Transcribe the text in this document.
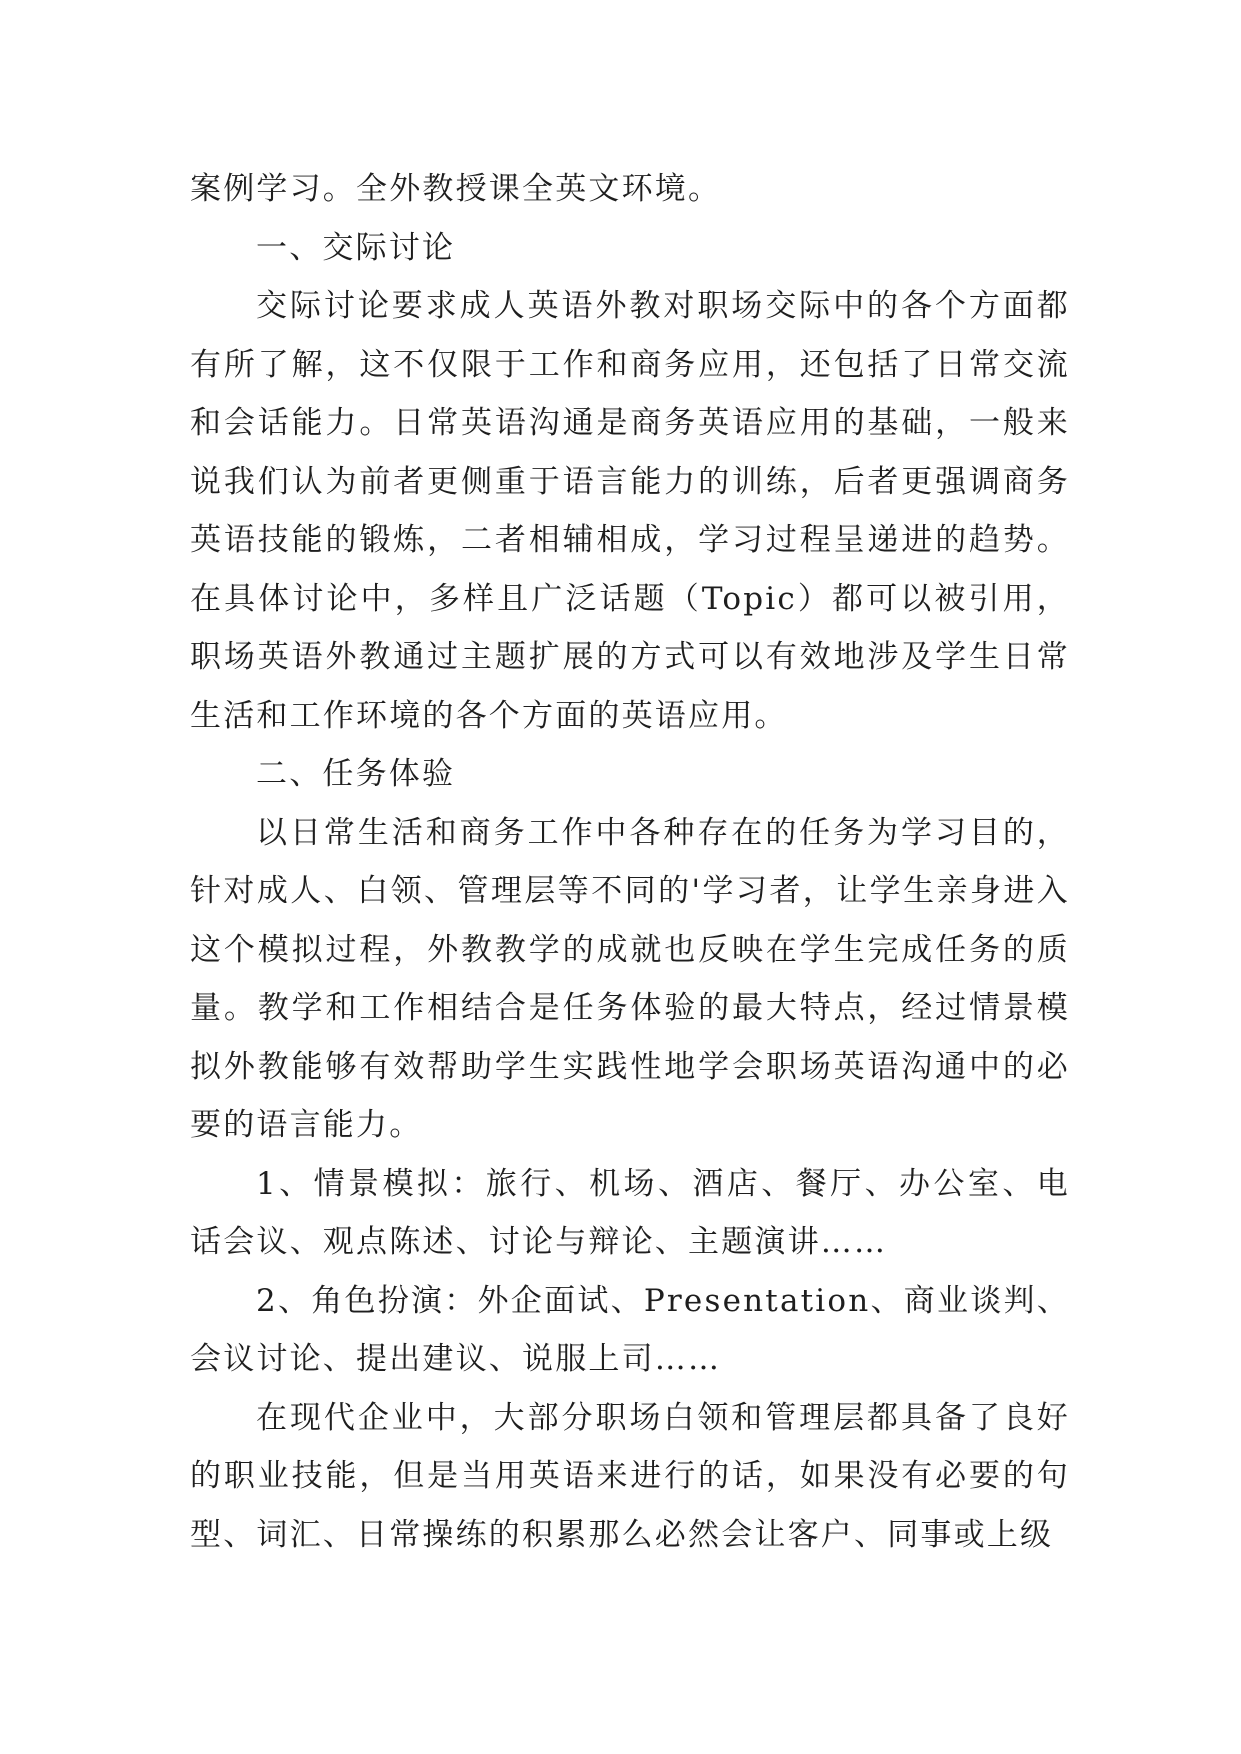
案例学习。全外教授课全英文环境。

一、交际讨论

交际讨论要求成人英语外教对职场交际中的各个方面都有所了解，这不仅限于工作和商务应用，还包括了日常交流和会话能力。日常英语沟通是商务英语应用的基础，一般来说我们认为前者更侧重于语言能力的训练，后者更强调商务英语技能的锻炼，二者相辅相成，学习过程呈递进的趋势。在具体讨论中，多样且广泛话题（Topic）都可以被引用，职场英语外教通过主题扩展的方式可以有效地涉及学生日常生活和工作环境的各个方面的英语应用。

二、任务体验

以日常生活和商务工作中各种存在的任务为学习目的，针对成人、白领、管理层等不同的'学习者，让学生亲身进入这个模拟过程，外教教学的成就也反映在学生完成任务的质量。教学和工作相结合是任务体验的最大特点，经过情景模拟外教能够有效帮助学生实践性地学会职场英语沟通中的必要的语言能力。

1、情景模拟：旅行、机场、酒店、餐厅、办公室、电话会议、观点陈述、讨论与辩论、主题演讲……

2、角色扮演：外企面试、Presentation、商业谈判、会议讨论、提出建议、说服上司……

在现代企业中，大部分职场白领和管理层都具备了良好的职业技能，但是当用英语来进行的话，如果没有必要的句型、词汇、日常操练的积累那么必然会让客户、同事或上级
